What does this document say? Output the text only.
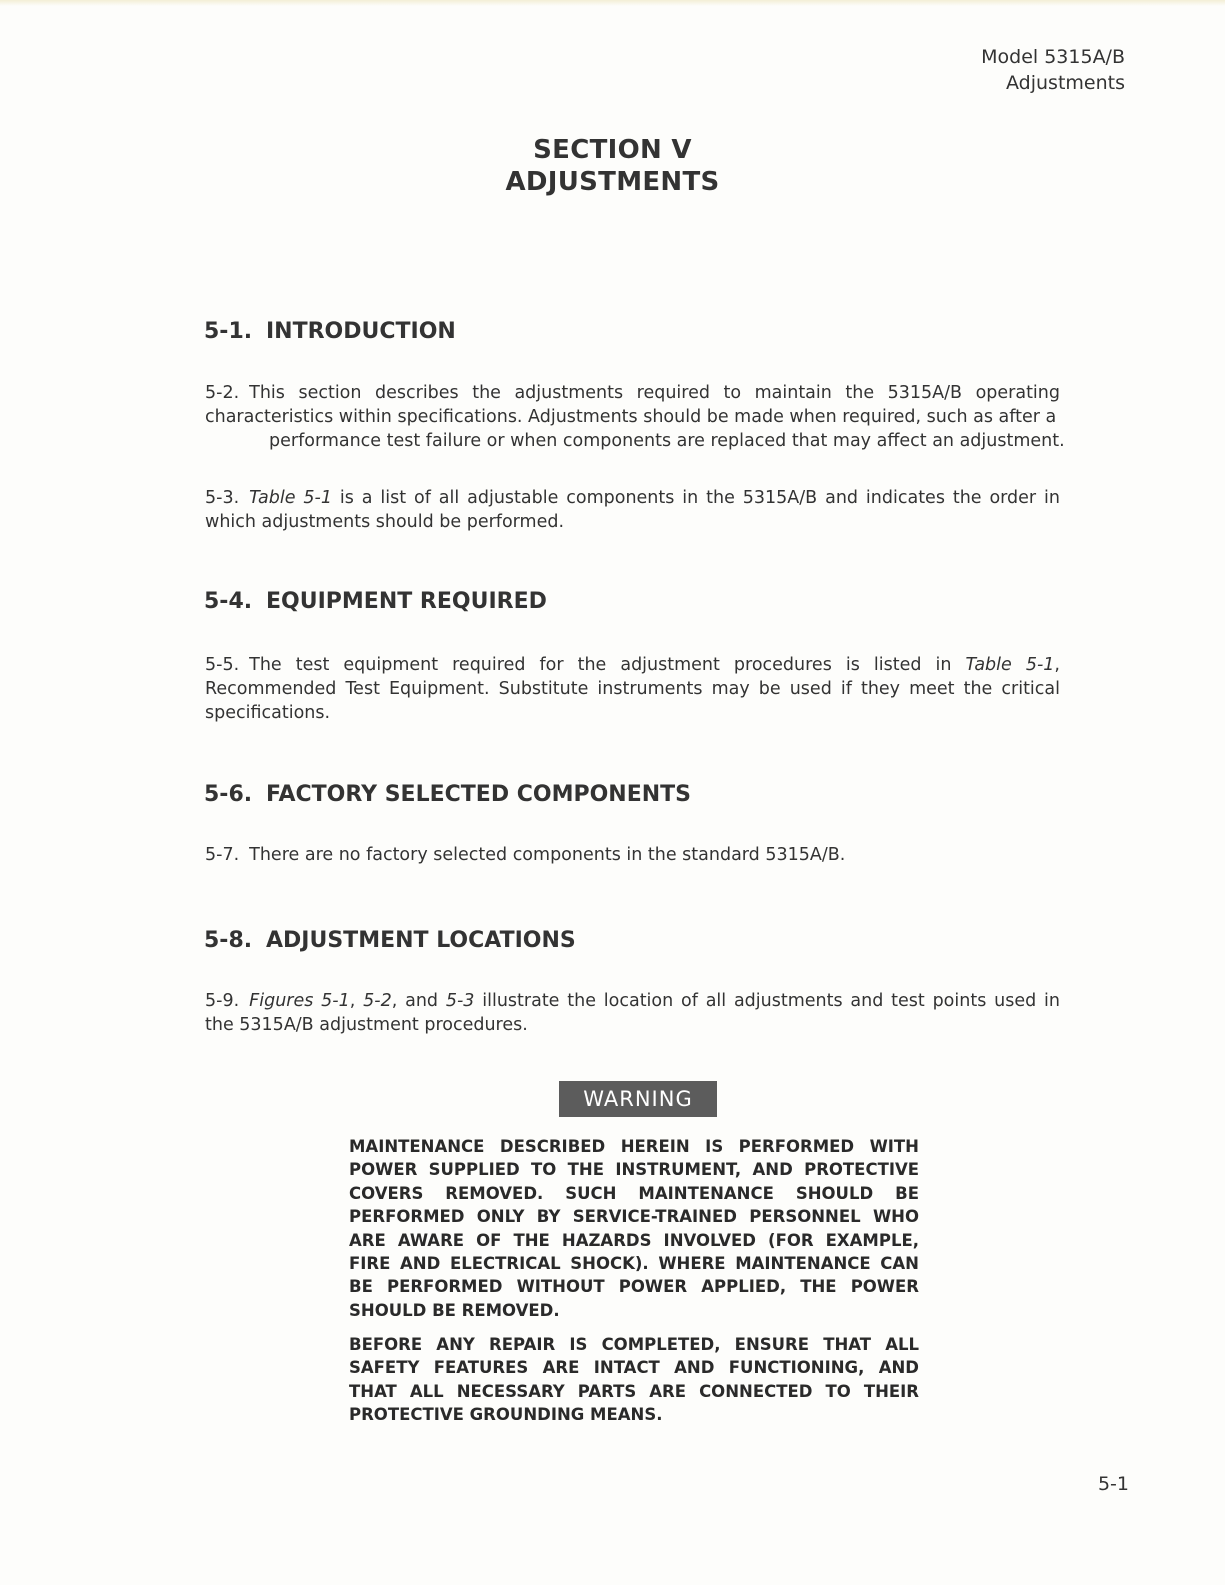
Model 5315A/B
Adjustments
SECTION V
ADJUSTMENTS
5-1. INTRODUCTION

5-2. This section describes the adjustments required to maintain the 5315A/B operating characteristics within specifications. Adjustments should be made when required, such as after a
performance test failure or when components are replaced that may affect an adjustment.

5-3. Table 5-1 is a list of all adjustable components in the 5315A/B and indicates the order in which adjustments should be performed.

5-4. EQUIPMENT REQUIRED

5-5. The test equipment required for the adjustment procedures is listed in Table 5-1, Recommended Test Equipment. Substitute instruments may be used if they meet the critical specifications.

5-6. FACTORY SELECTED COMPONENTS

5-7. There are no factory selected components in the standard 5315A/B.

5-8. ADJUSTMENT LOCATIONS

5-9. Figures 5-1, 5-2, and 5-3 illustrate the location of all adjustments and test points used in the 5315A/B adjustment procedures.

WARNING

MAINTENANCE DESCRIBED HEREIN IS PERFORMED WITH POWER SUPPLIED TO THE INSTRUMENT, AND PROTECTIVE COVERS REMOVED. SUCH MAINTENANCE SHOULD BE PERFORMED ONLY BY SERVICE-TRAINED PERSONNEL WHO ARE AWARE OF THE HAZARDS INVOLVED (FOR EXAMPLE, FIRE AND ELECTRICAL SHOCK). WHERE MAINTENANCE CAN BE PERFORMED WITHOUT POWER APPLIED, THE POWER SHOULD BE REMOVED.

BEFORE ANY REPAIR IS COMPLETED, ENSURE THAT ALL SAFETY FEATURES ARE INTACT AND FUNCTIONING, AND THAT ALL NECESSARY PARTS ARE CONNECTED TO THEIR PROTECTIVE GROUNDING MEANS.

5-1
